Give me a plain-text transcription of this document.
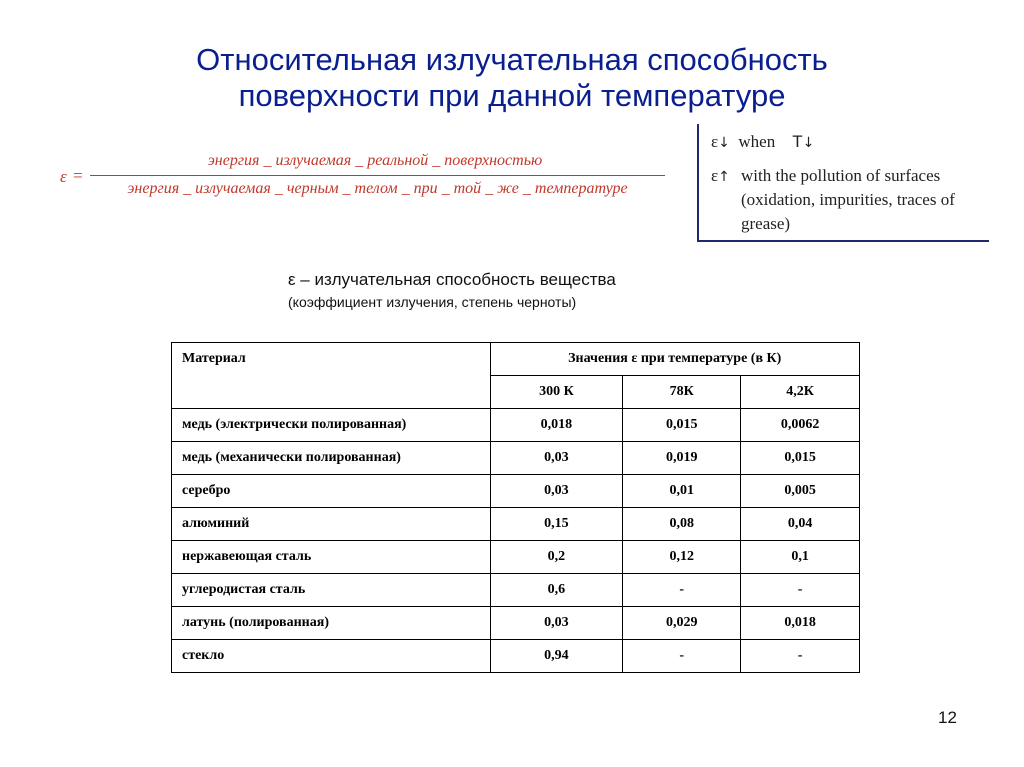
Относительная излучательная способность
поверхности при данной температуре
ε =
энергия _ излучаемая _ реальной _ поверхностью
энергия _ излучаемая _ черным _ телом _ при _ той _ же _ температуре
ε↓ when T↓
ε↑ with the pollution of surfaces (oxidation, impurities, traces of grease)
ε – излучательная способность вещества
(коэффициент излучения, степень черноты)
Материал	Значения ε при температуре (в К)		
	300 К	78К	4,2К
медь (электрически полированная)	0,018	0,015	0,0062
медь (механически полированная)	0,03	0,019	0,015
серебро	0,03	0,01	0,005
алюминий	0,15	0,08	0,04
нержавеющая сталь	0,2	0,12	0,1
углеродистая сталь	0,6	-	-
латунь (полированная)	0,03	0,029	0,018
стекло	0,94	-	-
12
